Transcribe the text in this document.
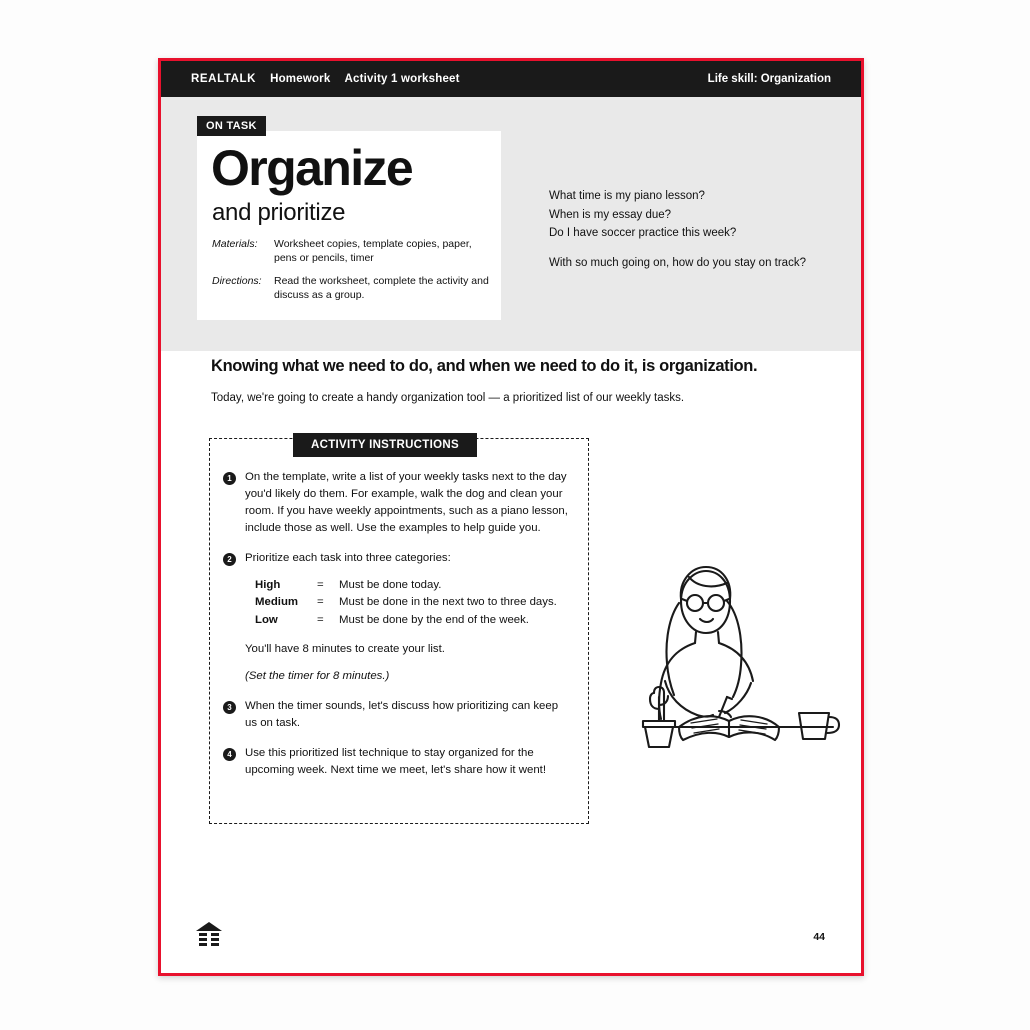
REALTALK Homework Activity 1 worksheet	Life skill: Organization
ON TASK
Organize
and prioritize
Materials:	Worksheet copies, template copies, paper, pens or pencils, timer
Directions:	Read the worksheet, complete the activity and discuss as a group.
What time is my piano lesson?
When is my essay due?
Do I have soccer practice this week?
With so much going on, how do you stay on track?
Knowing what we need to do, and when we need to do it, is organization.
Today, we're going to create a handy organization tool — a prioritized list of our weekly tasks.
ACTIVITY INSTRUCTIONS
1	On the template, write a list of your weekly tasks next to the day you'd likely do them. For example, walk the dog and clean your room. If you have weekly appointments, such as a piano lesson, include those as well. Use the examples to help guide you.
2	Prioritize each task into three categories:
High	=	Must be done today.
Medium	=	Must be done in the next two to three days.
Low	=	Must be done by the end of the week.
You'll have 8 minutes to create your list.
(Set the timer for 8 minutes.)
3	When the timer sounds, let's discuss how prioritizing can keep us on task.
4	Use this prioritized list technique to stay organized for the upcoming week. Next time we meet, let's share how it went!
44
